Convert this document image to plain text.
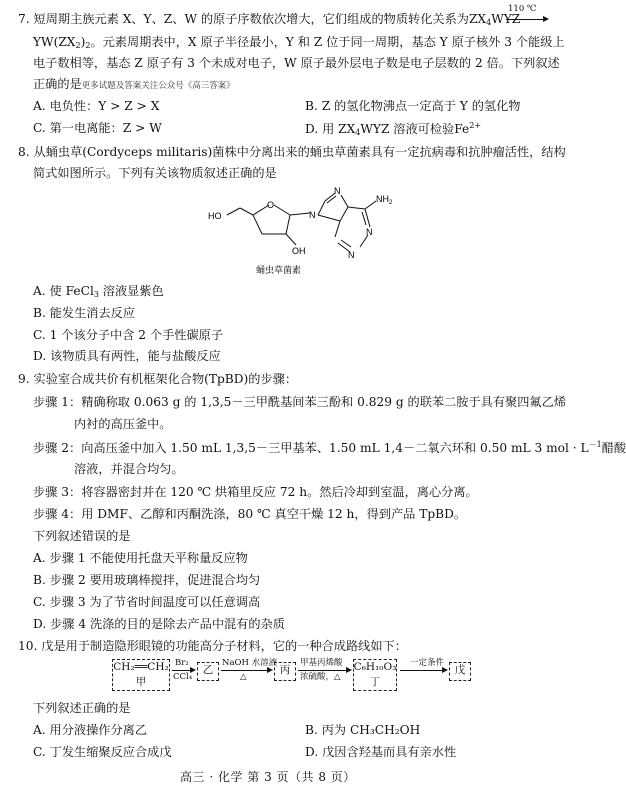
7. 短周期主族元素 X、Y、Z、W 的原子序数依次增大，它们组成的物质转化关系为$ZX_4WYZ$
110 ℃
$YW(ZX_2)_2$。元素周期表中，X 原子半径最小，Y 和 Z 位于同一周期，基态 Y 原子核外 3 个能级上
电子数相等，基态 Z 原子有 3 个未成对电子，W 原子最外层电子数是电子层数的 2 倍。下列叙述
正确的是更多试题及答案关注公众号《高三答案》
A. 电负性：Y > Z > X	B. Z 的氢化物沸点一定高于 Y 的氢化物
C. 第一电离能：Z > W	D. 用 $ZX_4WYZ$ 溶液可检验$Fe^{2+}$
8. 从蛹虫草(Cordyceps militaris)菌株中分离出来的蛹虫草菌素具有一定抗病毒和抗肿瘤活性，结构
简式如图所示。下列有关该物质叙述正确的是
HO
O
OH
N
N
N
N
$NH_2$
蛹虫草菌素
A. 使 FeCl$_3$ 溶液显紫色
B. 能发生消去反应
C. 1 个该分子中含 2 个手性碳原子
D. 该物质具有两性，能与盐酸反应
9. 实验室合成共价有机框架化合物(TpBD)的步骤：
步骤 1：精确称取 0.063 g 的 1,3,5－三甲酰基间苯三酚和 0.829 g 的联苯二胺于具有聚四氟乙烯
内衬的高压釜中。
步骤 2：向高压釜中加入 1.50 mL 1,3,5－三甲基苯、1.50 mL 1,4－二氧六环和 0.50 mL 3 mol · $L^{-1}$醋酸
溶液，并混合均匀。
步骤 3：将容器密封并在 120 ℃ 烘箱里反应 72 h。然后冷却到室温，离心分离。
步骤 4：用 DMF、乙醇和丙酮洗涤，80 ℃ 真空干燥 12 h，得到产品 TpBD。
下列叙述错误的是
A. 步骤 1 不能使用托盘天平称量反应物
B. 步骤 2 要用玻璃棒搅拌，促进混合均匀
C. 步骤 3 为了节省时间温度可以任意调高
D. 步骤 4 洗涤的目的是除去产品中混有的杂质
10. 戊是用于制造隐形眼镜的功能高分子材料，它的一种合成路线如下：
CH₂══CH₂
甲
Br₂
CCl₄
乙
NaOH 水溶液
△
丙
甲基丙烯酸
浓硫酸，△
C₆H₁₀O₃
丁
一定条件
戊
下列叙述正确的是
A. 用分液操作分离乙	B. 丙为 CH₃CH₂OH
C. 丁发生缩聚反应合成戊	D. 戊因含羟基而具有亲水性
高三 · 化学 第 3 页（共 8 页）
